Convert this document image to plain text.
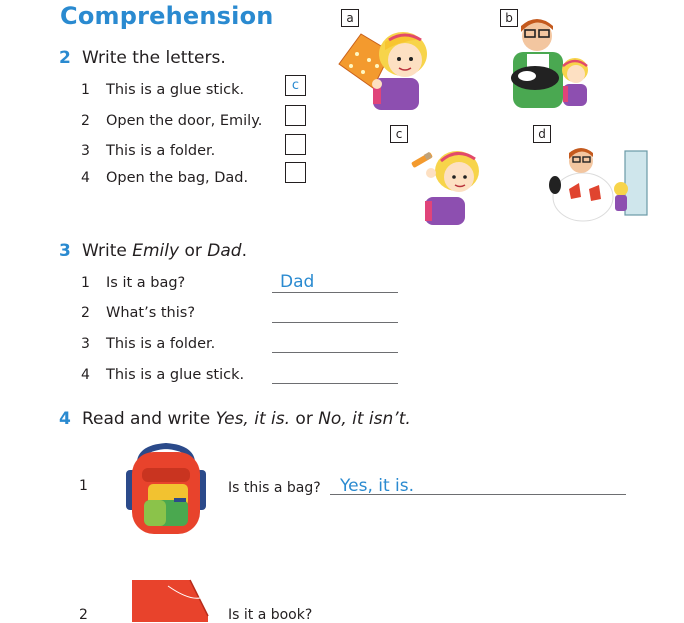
Comprehension
2 Write the letters.
1 This is a glue stick.	c
2 Open the door, Emily.
3 This is a folder.
4 Open the bag, Dad.
a	b
c	d
3 Write Emily or Dad.
1 Is it a bag?	Dad
2 What’s this?
3 This is a folder.
4 This is a glue stick.
4 Read and write Yes, it is. or No, it isn’t.
1	Is this a bag? Yes, it is.
2	Is it a book?
